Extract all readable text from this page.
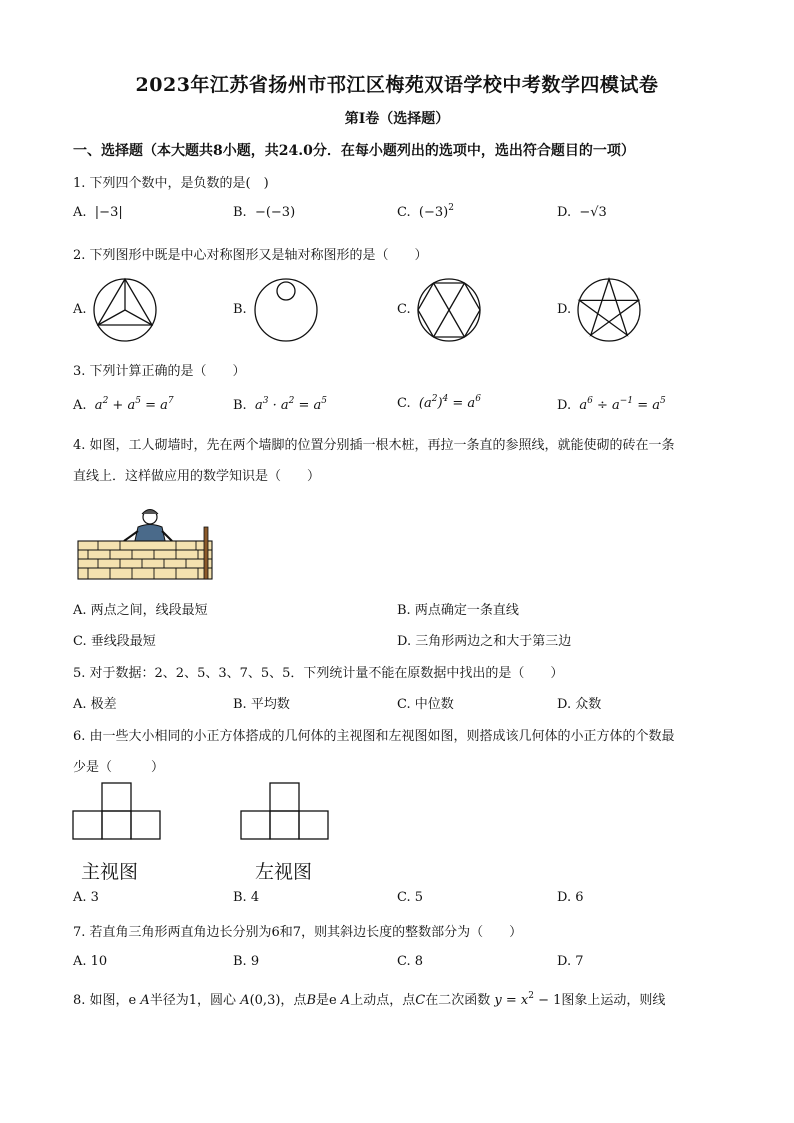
2023年江苏省扬州市邗江区梅苑双语学校中考数学四模试卷
第I卷（选择题）
一、选择题（本大题共8小题，共24.0分．在每小题列出的选项中，选出符合题目的一项）
1. 下列四个数中，是负数的是(　)
A. |−3|	B. −(−3)	C. $(-3)^2$	D. −√3
2. 下列图形中既是中心对称图形又是轴对称图形的是（　　）
A.	B.	C.	D.
3. 下列计算正确的是（　　）
A. $a^2 + a^5 = a^7$	B. $a^3 \cdot a^2 = a^5$	C. $(a^2)^4 = a^6$	D. $a^6 \div a^{-1} = a^5$
4. 如图，工人砌墙时，先在两个墙脚的位置分别插一根木桩，再拉一条直的参照线，就能使砌的砖在一条
直线上．这样做应用的数学知识是（　　）
A. 两点之间，线段最短	B. 两点确定一条直线
C. 垂线段最短	D. 三角形两边之和大于第三边
5. 对于数据：2、2、5、3、7、5、5．下列统计量不能在原数据中找出的是（　　）
A. 极差	B. 平均数	C. 中位数	D. 众数
6. 由一些大小相同的小正方体搭成的几何体的主视图和左视图如图，则搭成该几何体的小正方体的个数最
少是（　　　）
主视图	左视图
A. 3	B. 4	C. 5	D. 6
7. 若直角三角形两直角边长分别为6和7，则其斜边长度的整数部分为（　　）
A. 10	B. 9	C. 8	D. 7
8. 如图，e A半径为1，圆心 A(0,3)，点B是e A上动点，点C在二次函数 $y = x^2 - 1$图象上运动，则线
